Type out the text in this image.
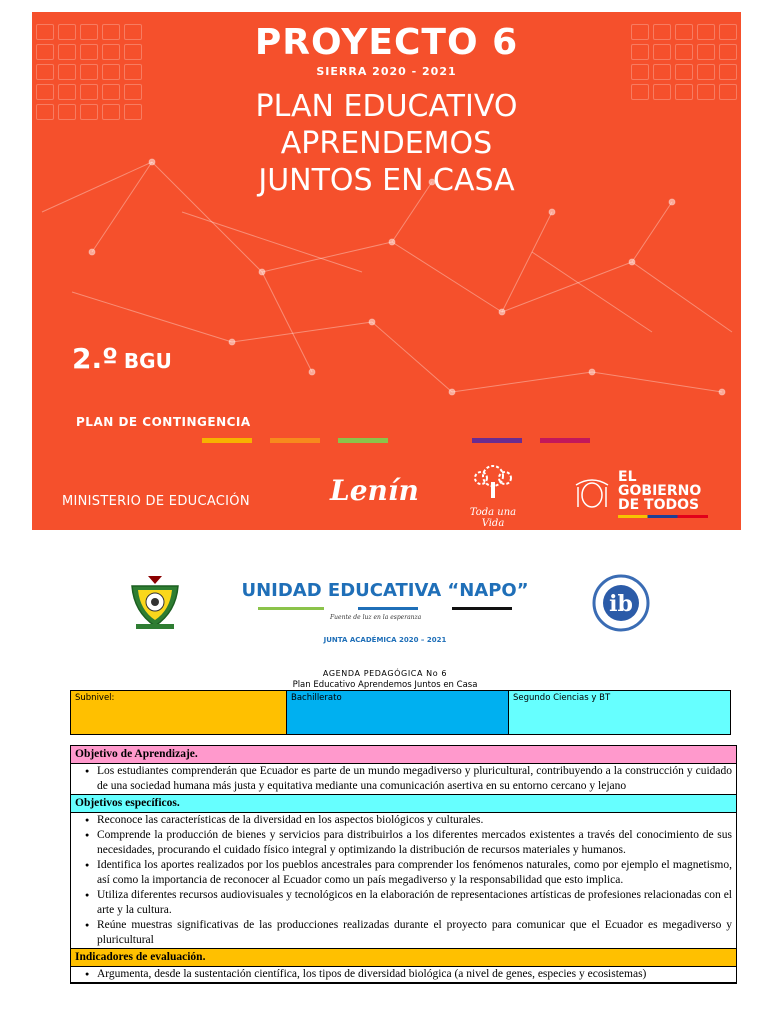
PROYECTO 6
SIERRA 2020 - 2021
PLAN EDUCATIVO
APRENDEMOS
JUNTOS EN CASA
2.º BGU
PLAN DE CONTINGENCIA
MINISTERIO DE EDUCACIÓN	Lenín
Toda una Vida
EL
GOBIERNO
DE TODOS
UNIDAD EDUCATIVA “NAPO”
Fuente de luz en la esperanza
JUNTA ACADÉMICA 2020 – 2021
ib
AGENDA PEDAGÓGICA No 6
Plan Educativo Aprendemos Juntos en Casa
Subnivel:	Bachillerato	Segundo Ciencias y BT
Objetivo de Aprendizaje.
● Los estudiantes comprenderán que Ecuador es parte de un mundo megadiverso y pluricultural, contribuyendo a la construcción y cuidado de una sociedad humana más justa y equitativa mediante una comunicación asertiva en su entorno cercano y lejano
Objetivos específicos.
● Reconoce las características de la diversidad en los aspectos biológicos y culturales.
● Comprende la producción de bienes y servicios para distribuirlos a los diferentes mercados existentes a través del conocimiento de sus necesidades, procurando el cuidado físico integral y optimizando la distribución de recursos materiales y humanos.
● Identifica los aportes realizados por los pueblos ancestrales para comprender los fenómenos naturales, como por ejemplo el magnetismo, así como la importancia de reconocer al Ecuador como un país megadiverso y la responsabilidad que esto implica.
● Utiliza diferentes recursos audiovisuales y tecnológicos en la elaboración de representaciones artísticas de profesiones relacionadas con el arte y la cultura.
● Reúne muestras significativas de las producciones realizadas durante el proyecto para comunicar que el Ecuador es megadiverso y pluricultural
Indicadores de evaluación.
● Argumenta, desde la sustentación científica, los tipos de diversidad biológica (a nivel de genes, especies y ecosistemas)
